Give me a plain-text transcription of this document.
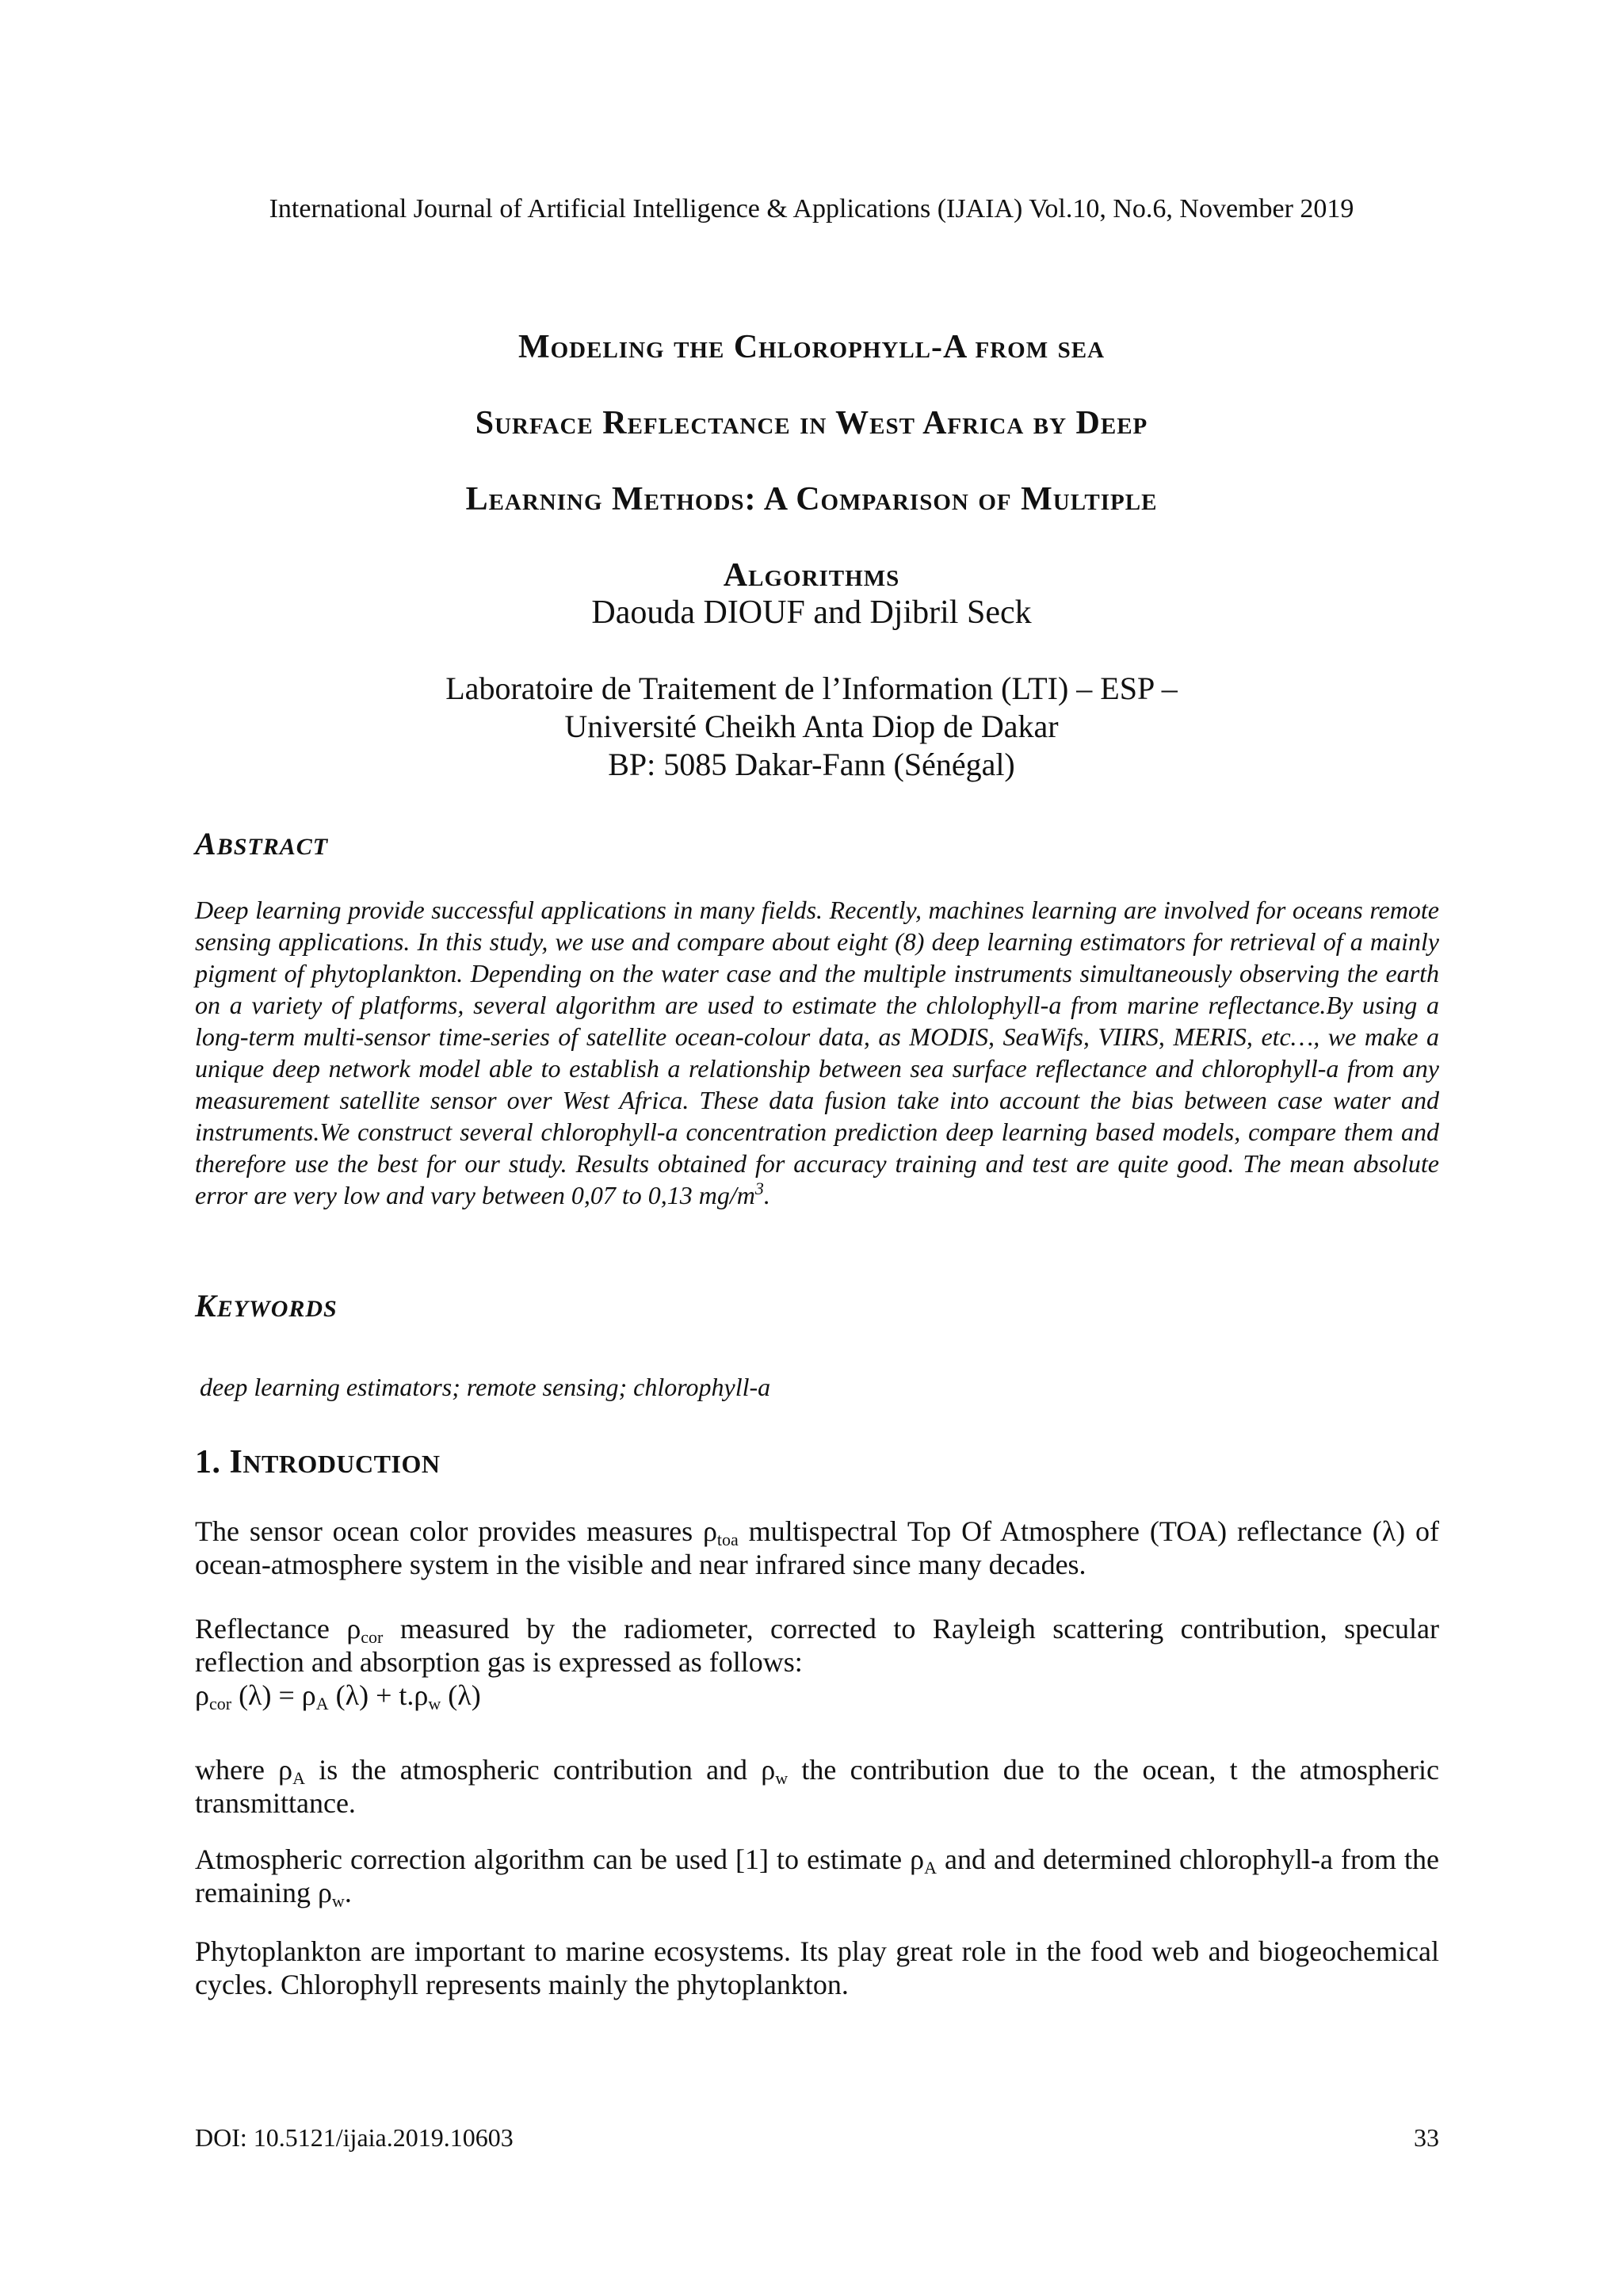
International Journal of Artificial Intelligence & Applications (IJAIA) Vol.10, No.6, November 2019
Modeling the Chlorophyll-A from sea
Surface Reflectance in West Africa by Deep
Learning Methods: A Comparison of Multiple
Algorithms
Daouda DIOUF and Djibril Seck
Laboratoire de Traitement de l’Information (LTI) – ESP –
Université Cheikh Anta Diop de Dakar
BP: 5085 Dakar-Fann (Sénégal)
ABSTRACT

Deep learning provide successful applications in many fields. Recently, machines learning are involved for oceans remote sensing applications. In this study, we use and compare about eight (8) deep learning estimators for retrieval of a mainly pigment of phytoplankton. Depending on the water case and the multiple instruments simultaneously observing the earth on a variety of platforms, several algorithm are used to estimate the chlolophyll-a from marine reflectance.By using a long-term multi-sensor time-series of satellite ocean-colour data, as MODIS, SeaWifs, VIIRS, MERIS, etc…, we make a unique deep network model able to establish a relationship between sea surface reflectance and chlorophyll-a from any measurement satellite sensor over West Africa. These data fusion take into account the bias between case water and instruments.We construct several chlorophyll-a concentration prediction deep learning based models, compare them and therefore use the best for our study. Results obtained for accuracy training and test are quite good. The mean absolute error are very low and vary between 0,07 to 0,13 $mg/m^3$.

KEYWORDS
deep learning estimators; remote sensing; chlorophyll-a
1. INTRODUCTION

The sensor ocean color provides measures $\rho_{toa}$ multispectral Top Of Atmosphere (TOA) reflectance (λ) of ocean-atmosphere system in the visible and near infrared since many decades.

Reflectance $\rho_{cor}$ measured by the radiometer, corrected to Rayleigh scattering contribution, specular reflection and absorption gas is expressed as follows:

$\rho_{cor}$ $(\lambda) = \rho_A$ $(\lambda) + t.\rho_w$ (λ)

where $\rho_A$ is the atmospheric contribution and $\rho_w$ the contribution due to the ocean, t the atmospheric transmittance.

Atmospheric correction algorithm can be used [1] to estimate $\rho_A$ and and determined chlorophyll-a from the remaining $\rho_w$.

Phytoplankton are important to marine ecosystems. Its play great role in the food web and biogeochemical cycles. Chlorophyll represents mainly the phytoplankton.

DOI: 10.5121/ijaia.2019.10603	33
